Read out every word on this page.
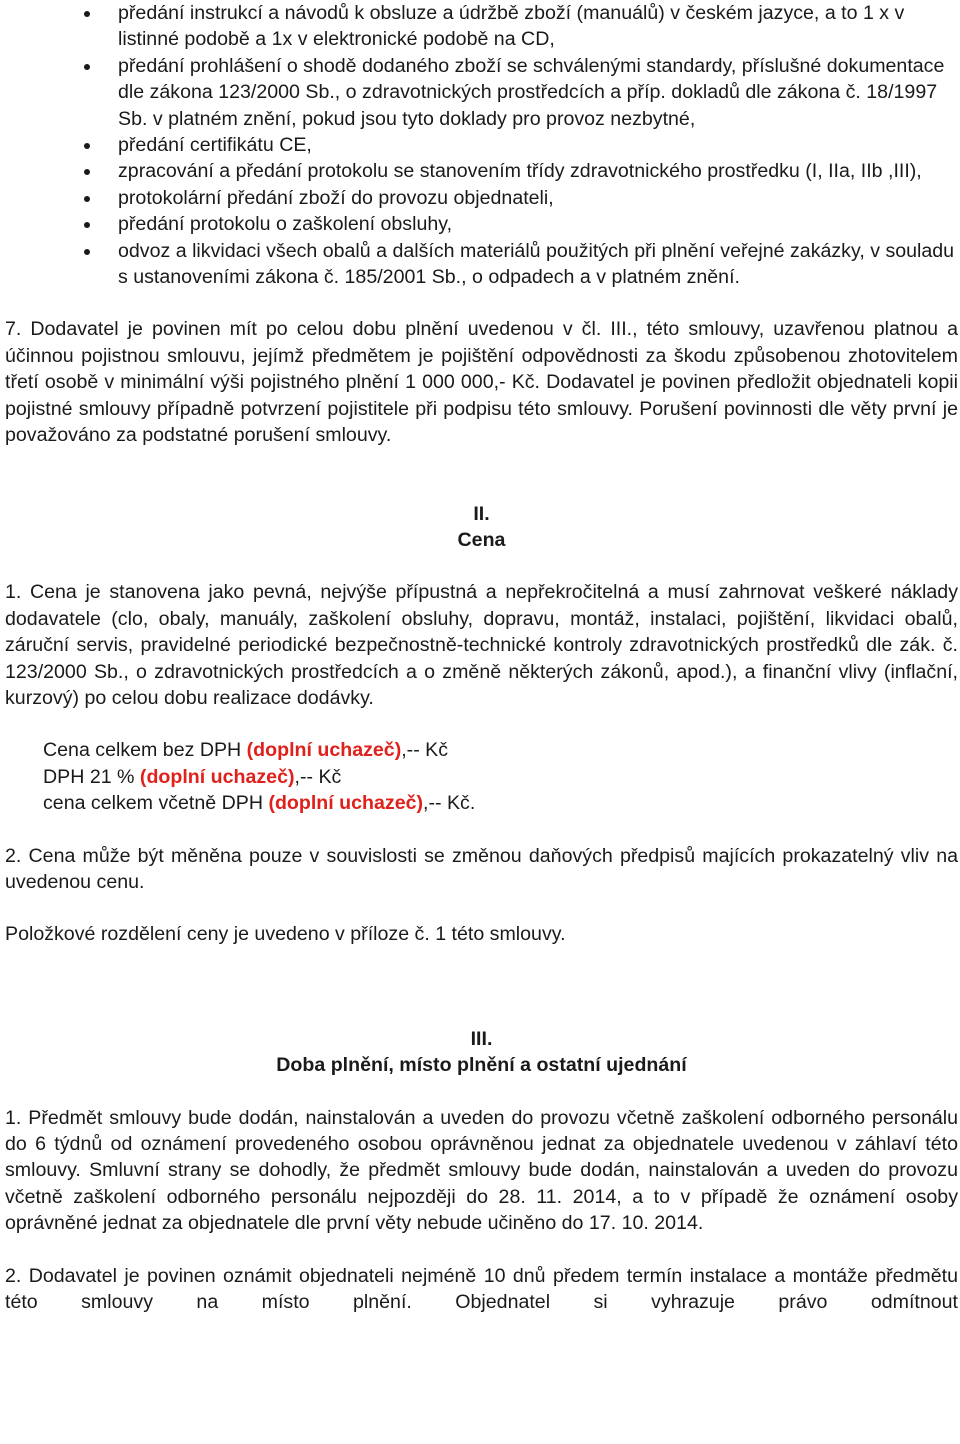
předání instrukcí a návodů k obsluze a údržbě zboží (manuálů) v českém jazyce, a to 1 x v listinné podobě a 1x v elektronické podobě na CD,
předání prohlášení o shodě dodaného zboží se schválenými standardy, příslušné dokumentace dle zákona 123/2000 Sb., o zdravotnických prostředcích a příp. dokladů dle zákona č. 18/1997 Sb. v platném znění, pokud jsou tyto doklady pro provoz nezbytné,
předání certifikátu CE,
zpracování a předání protokolu se stanovením třídy zdravotnického prostředku (I, IIa, IIb ,III),
protokolární předání zboží do provozu objednateli,
předání protokolu o zaškolení obsluhy,
odvoz a likvidaci všech obalů a dalších materiálů použitých při plnění veřejné zakázky, v souladu s ustanoveními zákona č. 185/2001 Sb., o odpadech a v platném znění.

7. Dodavatel je povinen mít po celou dobu plnění uvedenou v čl. III., této smlouvy, uzavřenou platnou a účinnou pojistnou smlouvu, jejímž předmětem je pojištění odpovědnosti za škodu způsobenou zhotovitelem třetí osobě v minimální výši pojistného plnění 1 000 000,- Kč. Dodavatel je povinen předložit objednateli kopii pojistné smlouvy případně potvrzení pojistitele při podpisu této smlouvy. Porušení povinnosti dle věty první je považováno za podstatné porušení smlouvy.

II.
Cena

1. Cena je stanovena jako pevná, nejvýše přípustná a nepřekročitelná a musí zahrnovat veškeré náklady dodavatele (clo, obaly, manuály, zaškolení obsluhy, dopravu, montáž, instalaci, pojištění, likvidaci obalů, záruční servis, pravidelné periodické bezpečnostně-technické kontroly zdravotnických prostředků dle zák. č. 123/2000 Sb., o zdravotnických prostředcích a o změně některých zákonů, apod.), a finanční vlivy (inflační, kurzový) po celou dobu realizace dodávky.

Cena celkem bez DPH (doplní uchazeč),-- Kč
DPH 21 % (doplní uchazeč),-- Kč
cena celkem včetně DPH (doplní uchazeč),-- Kč.

2. Cena může být měněna pouze v souvislosti se změnou daňových předpisů majících prokazatelný vliv na uvedenou cenu.

Položkové rozdělení ceny je uvedeno v příloze č. 1 této smlouvy.

III.
Doba plnění, místo plnění a ostatní ujednání

1. Předmět smlouvy bude dodán, nainstalován a uveden do provozu včetně zaškolení odborného personálu do 6 týdnů od oznámení provedeného osobou oprávněnou jednat za objednatele uvedenou v záhlaví této smlouvy. Smluvní strany se dohodly, že předmět smlouvy bude dodán, nainstalován a uveden do provozu včetně zaškolení odborného personálu nejpozději do 28. 11. 2014, a to v případě že oznámení osoby oprávněné jednat za objednatele dle první věty nebude učiněno do 17. 10. 2014.

2. Dodavatel je povinen oznámit objednateli nejméně 10 dnů předem termín instalace a montáže předmětu této smlouvy na místo plnění. Objednatel si vyhrazuje právo odmítnout
